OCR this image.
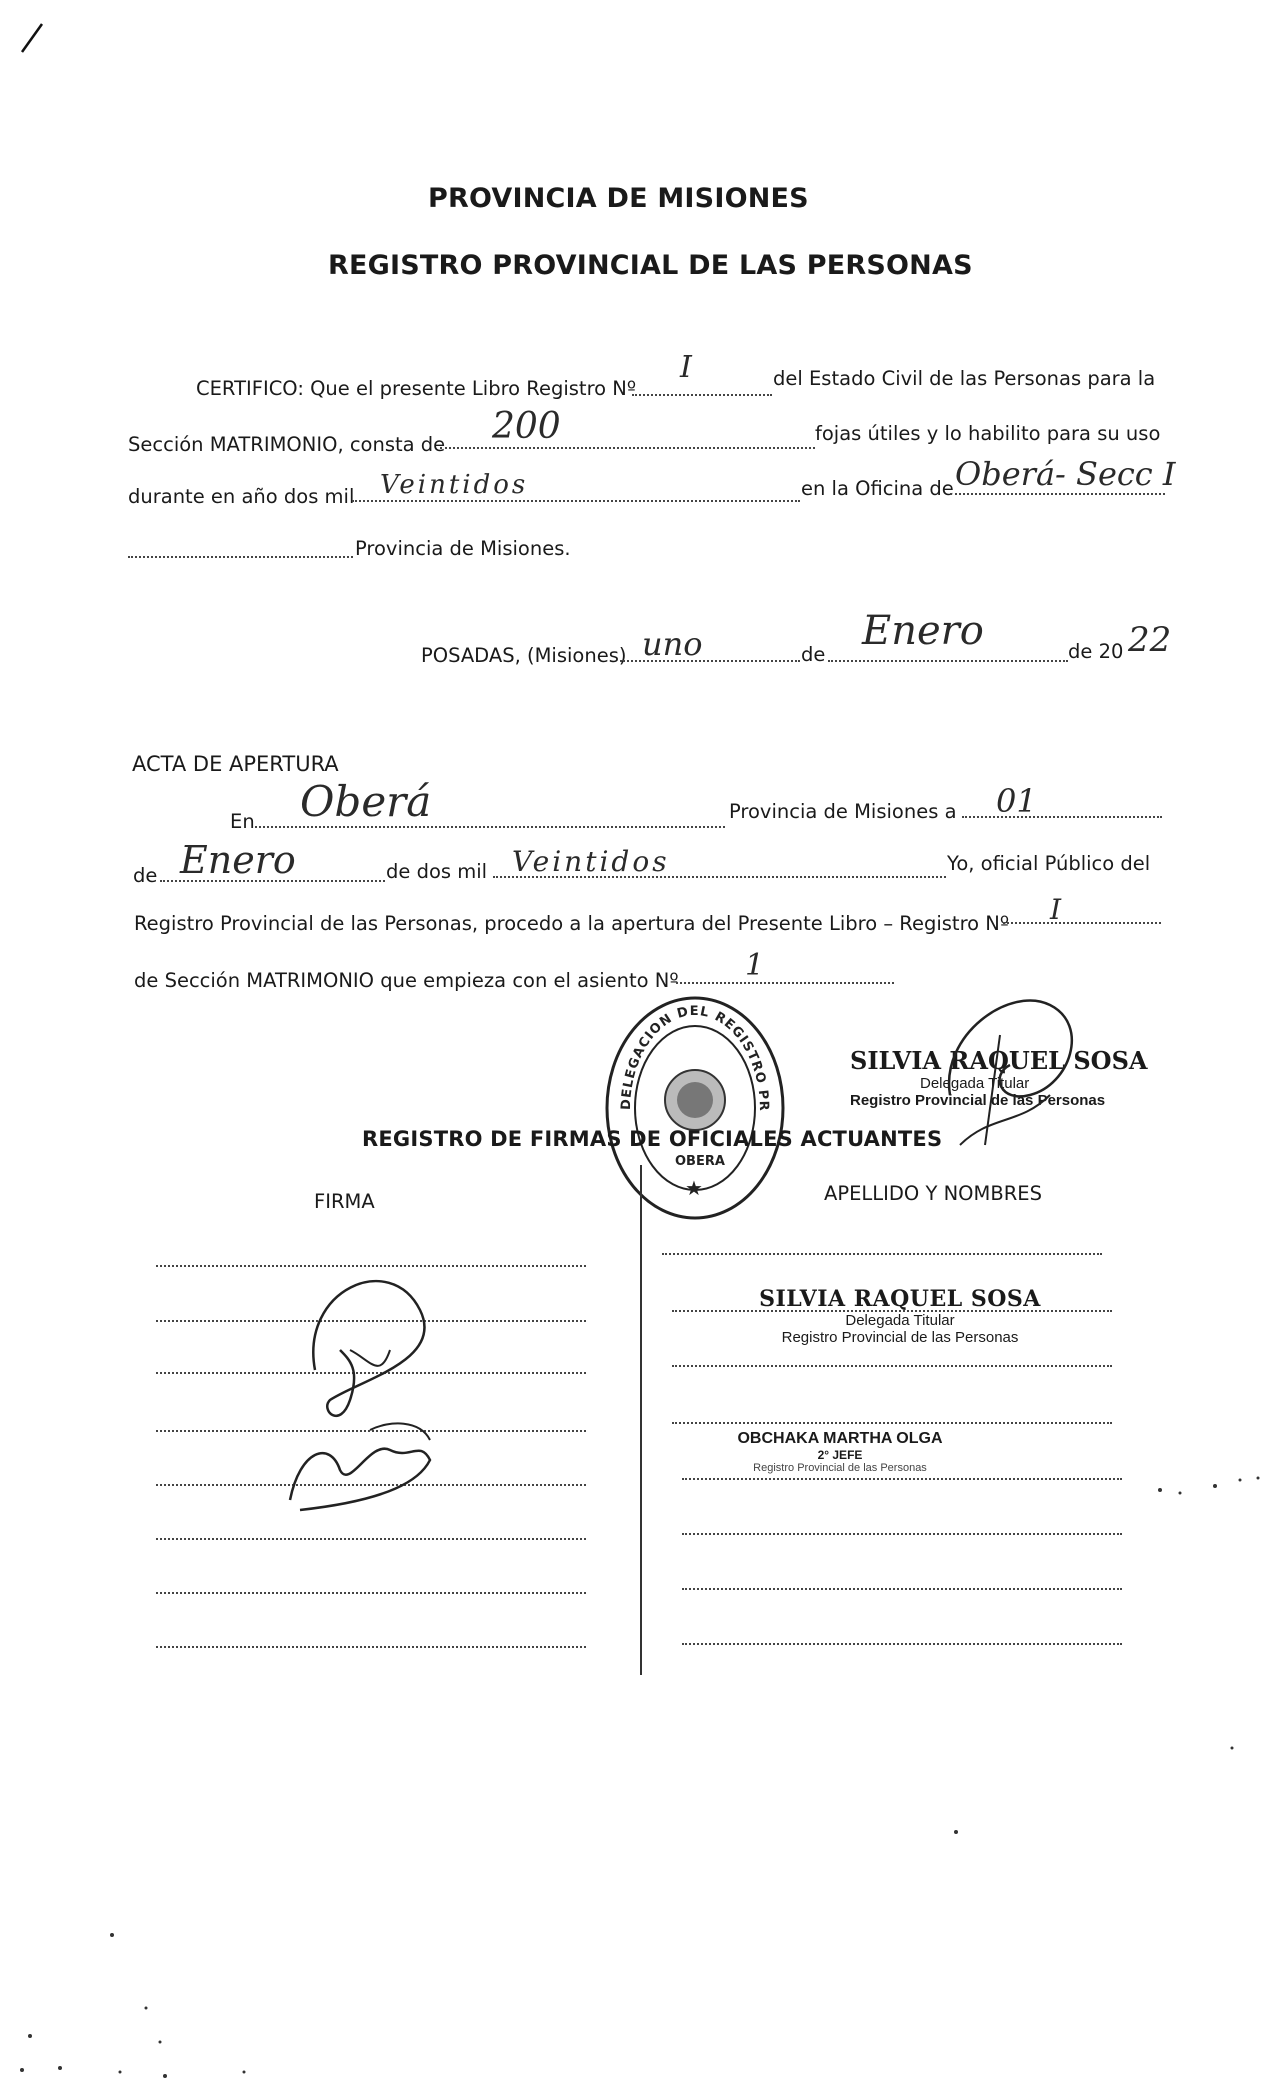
PROVINCIA DE MISIONES
REGISTRO PROVINCIAL DE LAS PERSONAS
CERTIFICO: Que el presente Libro Registro Nº
I	del Estado Civil de las Personas para la
Sección MATRIMONIO, consta de 200	fojas útiles y lo habilito para su uso
durante en año dos mil Veintidos	en la Oficina de Oberá- Secc I
Provincia de Misiones.
POSADAS, (Misiones) uno	de
Enero	de 20 22
ACTA DE APERTURA
En Oberá	Provincia de Misiones a 01
de Enero	de dos mil Veintidos	Yo, oficial Público del
Registro Provincial de las Personas, procedo a la apertura del Presente Libro – Registro Nº I
de Sección MATRIMONIO que empieza con el asiento Nº 1
DELEGACION DEL REGISTRO PR
OBERA
★
SILVIA RAQUEL SOSA
Delegada Titular
Registro Provincial de las Personas
REGISTRO DE FIRMAS DE OFICIALES ACTUANTES
FIRMA	APELLIDO Y NOMBRES
SILVIA RAQUEL SOSA
Delegada Titular
Registro Provincial de las Personas
OBCHAKA MARTHA OLGA
2° JEFE
Registro Provincial de las Personas
